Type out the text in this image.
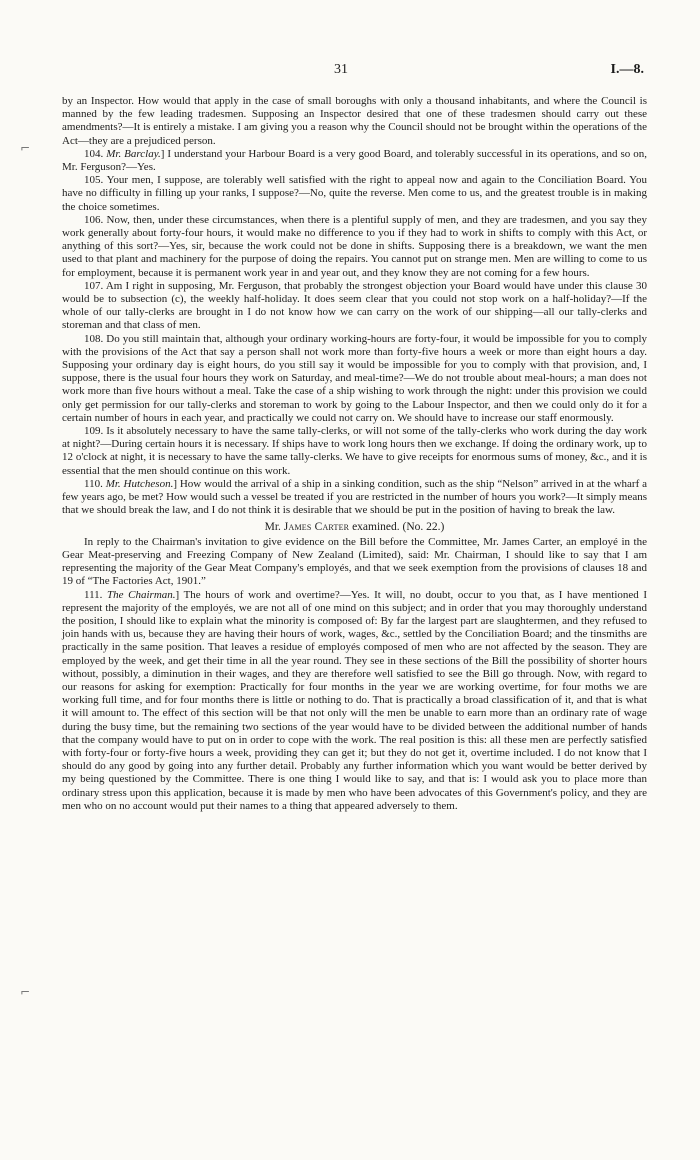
31	I.—8.
⌐
⌐

by an Inspector. How would that apply in the case of small boroughs with only a thousand inhabitants, and where the Council is manned by the few leading tradesmen. Supposing an Inspector desired that one of these tradesmen should carry out these amendments?—It is entirely a mistake. I am giving you a reason why the Council should not be brought within the operations of the Act—they are a prejudiced person.

104. Mr. Barclay.] I understand your Harbour Board is a very good Board, and tolerably successful in its operations, and so on, Mr. Ferguson?—Yes.

105. Your men, I suppose, are tolerably well satisfied with the right to appeal now and again to the Conciliation Board. You have no difficulty in filling up your ranks, I suppose?—No, quite the reverse. Men come to us, and the greatest trouble is in making the choice sometimes.

106. Now, then, under these circumstances, when there is a plentiful supply of men, and they are tradesmen, and you say they work generally about forty-four hours, it would make no difference to you if they had to work in shifts to comply with this Act, or anything of this sort?—Yes, sir, because the work could not be done in shifts. Supposing there is a breakdown, we want the men used to that plant and machinery for the purpose of doing the repairs. You cannot put on strange men. Men are willing to come to us for employment, because it is permanent work year in and year out, and they know they are not coming for a few hours.

107. Am I right in supposing, Mr. Ferguson, that probably the strongest objection your Board would have under this clause 30 would be to subsection (c), the weekly half-holiday. It does seem clear that you could not stop work on a half-holiday?—If the whole of our tally-clerks are brought in I do not know how we can carry on the work of our shipping—all our tally-clerks and storeman and that class of men.

108. Do you still maintain that, although your ordinary working-hours are forty-four, it would be impossible for you to comply with the provisions of the Act that say a person shall not work more than forty-five hours a week or more than eight hours a day. Supposing your ordinary day is eight hours, do you still say it would be impossible for you to comply with that provision, and, I suppose, there is the usual four hours they work on Saturday, and meal-time?—We do not trouble about meal-hours; a man does not work more than five hours without a meal. Take the case of a ship wishing to work through the night: under this provision we could only get permission for our tally-clerks and storeman to work by going to the Labour Inspector, and then we could only do it for a certain number of hours in each year, and practically we could not carry on. We should have to increase our staff enormously.

109. Is it absolutely necessary to have the same tally-clerks, or will not some of the tally-clerks who work during the day work at night?—During certain hours it is necessary. If ships have to work long hours then we exchange. If doing the ordinary work, up to 12 o'clock at night, it is necessary to have the same tally-clerks. We have to give receipts for enormous sums of money, &c., and it is essential that the men should continue on this work.

110. Mr. Hutcheson.] How would the arrival of a ship in a sinking condition, such as the ship “Nelson” arrived in at the wharf a few years ago, be met? How would such a vessel be treated if you are restricted in the number of hours you work?—It simply means that we should break the law, and I do not think it is desirable that we should be put in the position of having to break the law.

Mr. James Carter examined. (No. 22.)

In reply to the Chairman's invitation to give evidence on the Bill before the Committee, Mr. James Carter, an employé in the Gear Meat-preserving and Freezing Company of New Zealand (Limited), said: Mr. Chairman, I should like to say that I am representing the majority of the Gear Meat Company's employés, and that we seek exemption from the provisions of clauses 18 and 19 of “The Factories Act, 1901.”

111. The Chairman.] The hours of work and overtime?—Yes. It will, no doubt, occur to you that, as I have mentioned I represent the majority of the employés, we are not all of one mind on this subject; and in order that you may thoroughly understand the position, I should like to explain what the minority is composed of: By far the largest part are slaughtermen, and they refused to join hands with us, because they are having their hours of work, wages, &c., settled by the Conciliation Board; and the tinsmiths are practically in the same position. That leaves a residue of employés composed of men who are not affected by the season. They are employed by the week, and get their time in all the year round. They see in these sections of the Bill the possibility of shorter hours without, possibly, a diminution in their wages, and they are therefore well satisfied to see the Bill go through. Now, with regard to our reasons for asking for exemption: Practically for four months in the year we are working overtime, for four moths we are working full time, and for four months there is little or nothing to do. That is practically a broad classification of it, and that is what it will amount to. The effect of this section will be that not only will the men be unable to earn more than an ordinary rate of wage during the busy time, but the remaining two sections of the year would have to be divided between the additional number of hands that the company would have to put on in order to cope with the work. The real position is this: all these men are perfectly satisfied with forty-four or forty-five hours a week, providing they can get it; but they do not get it, overtime included. I do not know that I should do any good by going into any further detail. Probably any further information which you want would be better derived by my being questioned by the Committee. There is one thing I would like to say, and that is: I would ask you to place more than ordinary stress upon this application, because it is made by men who have been advocates of this Government's policy, and they are men who on no account would put their names to a thing that appeared adversely to them.
